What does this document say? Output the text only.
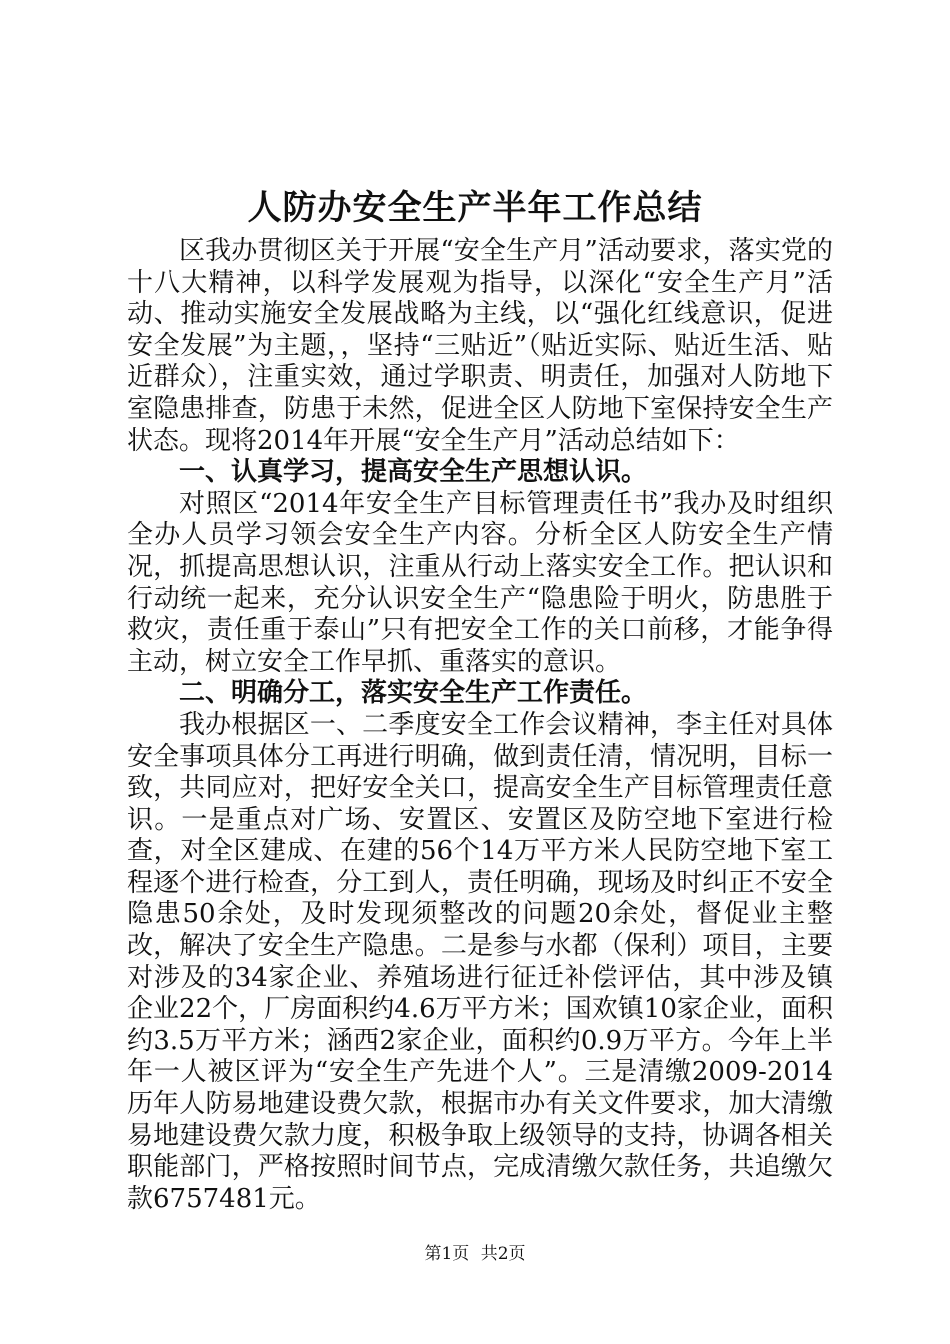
人防办安全生产半年工作总结

区我办贯彻区关于开展“安全生产月”活动要求，落实党的十八大精神，以科学发展观为指导，以深化“安全生产月”活动、推动实施安全发展战略为主线，以“强化红线意识，促进安全发展”为主题，，坚持“三贴近”（贴近实际、贴近生活、贴近群众），注重实效，通过学职责、明责任，加强对人防地下室隐患排查，防患于未然，促进全区人防地下室保持安全生产状态。现将2014年开展“安全生产月”活动总结如下：

一、认真学习，提高安全生产思想认识。

对照区“2014年安全生产目标管理责任书”我办及时组织全办人员学习领会安全生产内容。分析全区人防安全生产情况，抓提高思想认识，注重从行动上落实安全工作。把认识和行动统一起来，充分认识安全生产“隐患险于明火，防患胜于救灾，责任重于泰山”只有把安全工作的关口前移，才能争得主动，树立安全工作早抓、重落实的意识。

二、明确分工，落实安全生产工作责任。

我办根据区一、二季度安全工作会议精神，李主任对具体安全事项具体分工再进行明确，做到责任清，情况明，目标一致，共同应对，把好安全关口，提高安全生产目标管理责任意识。一是重点对广场、安置区、安置区及防空地下室进行检查，对全区建成、在建的56个14万平方米人民防空地下室工程逐个进行检查，分工到人，责任明确，现场及时纠正不安全隐患50余处，及时发现须整改的问题20余处，督促业主整改，解决了安全生产隐患。二是参与水都（保利）项目，主要对涉及的34家企业、养殖场进行征迁补偿评估，其中涉及镇企业22个，厂房面积约4.6万平方米；国欢镇10家企业，面积约3.5万平方米；涵西2家企业，面积约0.9万平方。今年上半年一人被区评为“安全生产先进个人”。三是清缴2009-2014历年人防易地建设费欠款，根据市办有关文件要求，加大清缴易地建设费欠款力度，积极争取上级领导的支持，协调各相关职能部门，严格按照时间节点，完成清缴欠款任务，共追缴欠款6757481元。

第1页 共2页
